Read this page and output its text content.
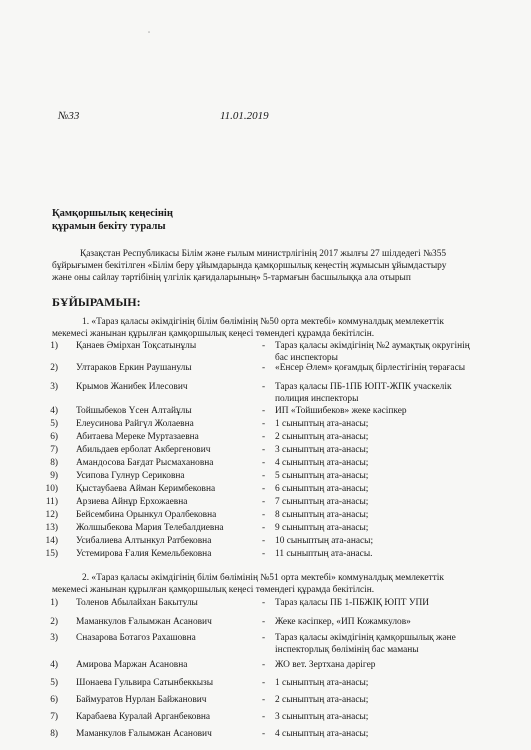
ˇ
№33	11.01.2019
Қамқоршылық кеңесінің
құрамын бекіту туралы
Қазақстан Республикасы Білім және ғылым министрлігінің 2017 жылғы 27 шілдедегі №355
бұйрығымен бекітілген «Білім беру ұйымдарында қамқоршылық кеңестің жұмысын ұйымдастыру
және оны сайлау тәртібінің үлгілік қағидаларының» 5-тармағын басшылыққа ала отырып
БҰЙЫРАМЫН:
1. «Тараз қаласы әкімдігінің білім бөлімінің №50 орта мектебі» коммуналдық мемлекеттік
мекемесі жанынан құрылған қамқоршылық кеңесі төмендегі құрамда бекітілсін.
1) Қанаев Әмірхан Тоқсатынұлы	- Тараз қаласы әкімдігінің №2 аумақтық округінің
бас инспекторы
2) Ултараков Еркин Раушанулы	- «Енсер Әлем» қоғамдық бірлестігінің төрағасы
3) Крымов Жанибек Илесович	- Тараз қаласы ПБ-1ПБ ЮПТ-ЖПК учаскелік
полиция инспекторы
4) Тойшыбеков Үсен Алтайұлы	- ИП «Тойшибеков» жеке кәсіпкер
5) Елеусинова Райгүл Жолаевна	- 1 сыныптың ата-анасы;
6) Абитаева Мереке Муртазаевна	- 2 сыныптың ата-анасы;
7) Абильдаев ерболат Акбергенович	- 3 сыныптың ата-анасы;
8) Амандосова Бағдат Рысмахановна	- 4 сыныптың ата-анасы;
9) Усипова Гулнур Сериковна	- 5 сыныптың ата-анасы;
10) Қыстаубаева Айман Керимбековна	- 6 сыныптың ата-анасы;
11) Арзиева Айнұр Ерхожаевна	- 7 сыныптың ата-анасы;
12) Бейсембина Орынкул Оралбековна	- 8 сыныптың ата-анасы;
13) Жолшыбекова Мария Телебалдиевна	- 9 сыныптың ата-анасы;
14) Усибалиева Алтынкул Ратбековна	- 10 сыныптың ата-анасы;
15) Устемирова Ғалия Кемельбековна	- 11 сыныптың ата-анасы.
2. «Тараз қаласы әкімдігінің білім бөлімінің №51 орта мектебі» коммуналдық мемлекеттік
мекемесі жанынан құрылған қамқоршылық кеңесі төмендегі құрамда бекітілсін.
1) Толенов Абылайхан Бакытулы	- Тараз қаласы ПБ 1-ПБЖІҚ ЮПТ УПИ
2) Маманкулов Ғалымжан Асанович	- Жеке кәсіпкер, «ИП Кожамкулов»
3) Сназарова Ботагоз Рахашовна	- Тараз қаласы әкімдігінің қамқоршылық және
інспекторлық бөлімінің бас маманы
4) Амирова Маржан Асановна	- ЖО вет. Зертхана дәрігер
5) Шонаева Гульвира Сатынбеккызы	- 1 сыныптың ата-анасы;
6) Баймуратов Нурлан Байжанович	- 2 сыныптың ата-анасы;
7) Карабаева Куралай Арганбековна	- 3 сыныптың ата-анасы;
8) Маманкулов Ғалымжан Асанович	- 4 сыныптың ата-анасы;
